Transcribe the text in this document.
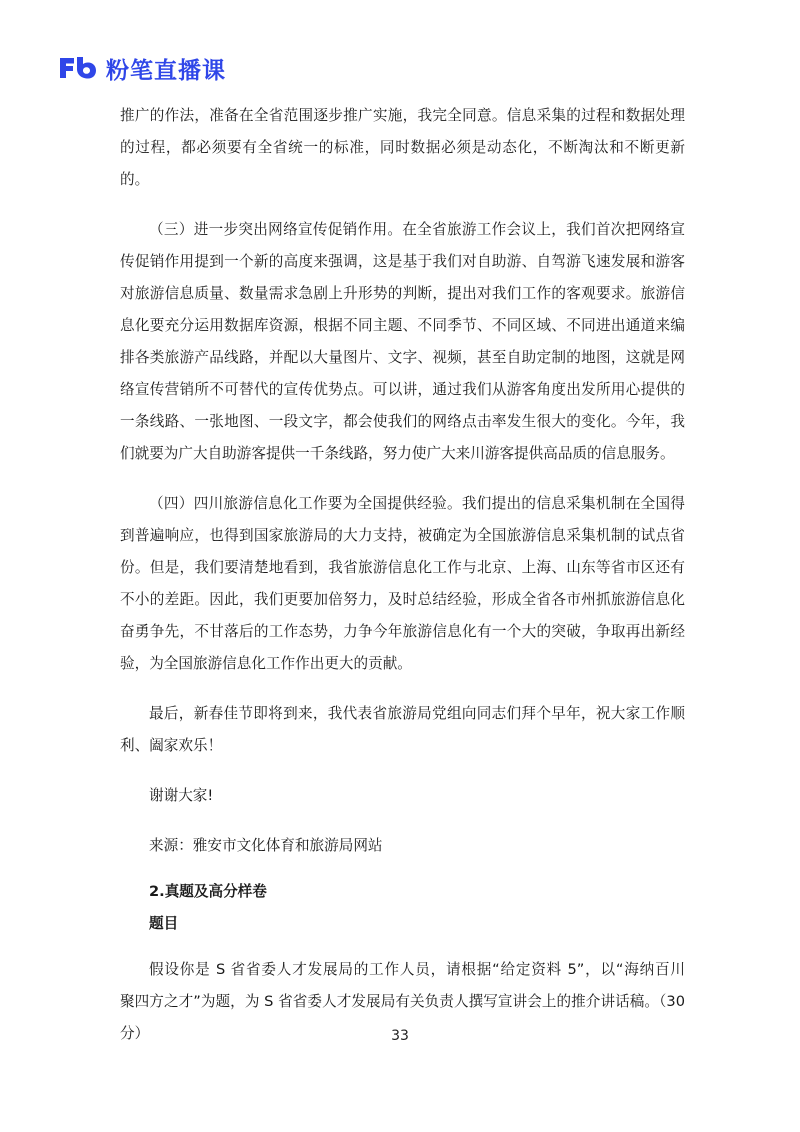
粉笔直播课

推广的作法，准备在全省范围逐步推广实施，我完全同意。信息采集的过程和数据处理的过程，都必须要有全省统一的标准，同时数据必须是动态化，不断淘汰和不断更新的。

（三）进一步突出网络宣传促销作用。在全省旅游工作会议上，我们首次把网络宣传促销作用提到一个新的高度来强调，这是基于我们对自助游、自驾游飞速发展和游客对旅游信息质量、数量需求急剧上升形势的判断，提出对我们工作的客观要求。旅游信息化要充分运用数据库资源，根据不同主题、不同季节、不同区域、不同进出通道来编排各类旅游产品线路，并配以大量图片、文字、视频，甚至自助定制的地图，这就是网络宣传营销所不可替代的宣传优势点。可以讲，通过我们从游客角度出发所用心提供的一条线路、一张地图、一段文字，都会使我们的网络点击率发生很大的变化。今年，我们就要为广大自助游客提供一千条线路，努力使广大来川游客提供高品质的信息服务。

（四）四川旅游信息化工作要为全国提供经验。我们提出的信息采集机制在全国得到普遍响应，也得到国家旅游局的大力支持，被确定为全国旅游信息采集机制的试点省份。但是，我们要清楚地看到，我省旅游信息化工作与北京、上海、山东等省市区还有不小的差距。因此，我们更要加倍努力，及时总结经验，形成全省各市州抓旅游信息化奋勇争先，不甘落后的工作态势，力争今年旅游信息化有一个大的突破，争取再出新经验，为全国旅游信息化工作作出更大的贡献。

最后，新春佳节即将到来，我代表省旅游局党组向同志们拜个早年，祝大家工作顺利、阖家欢乐！

谢谢大家!

来源：雅安市文化体育和旅游局网站

2.真题及高分样卷

题目

假设你是 S 省省委人才发展局的工作人员，请根据“给定资料 5”，以“海纳百川　聚四方之才”为题，为 S 省省委人才发展局有关负责人撰写宣讲会上的推介讲话稿。（30 分）	33
